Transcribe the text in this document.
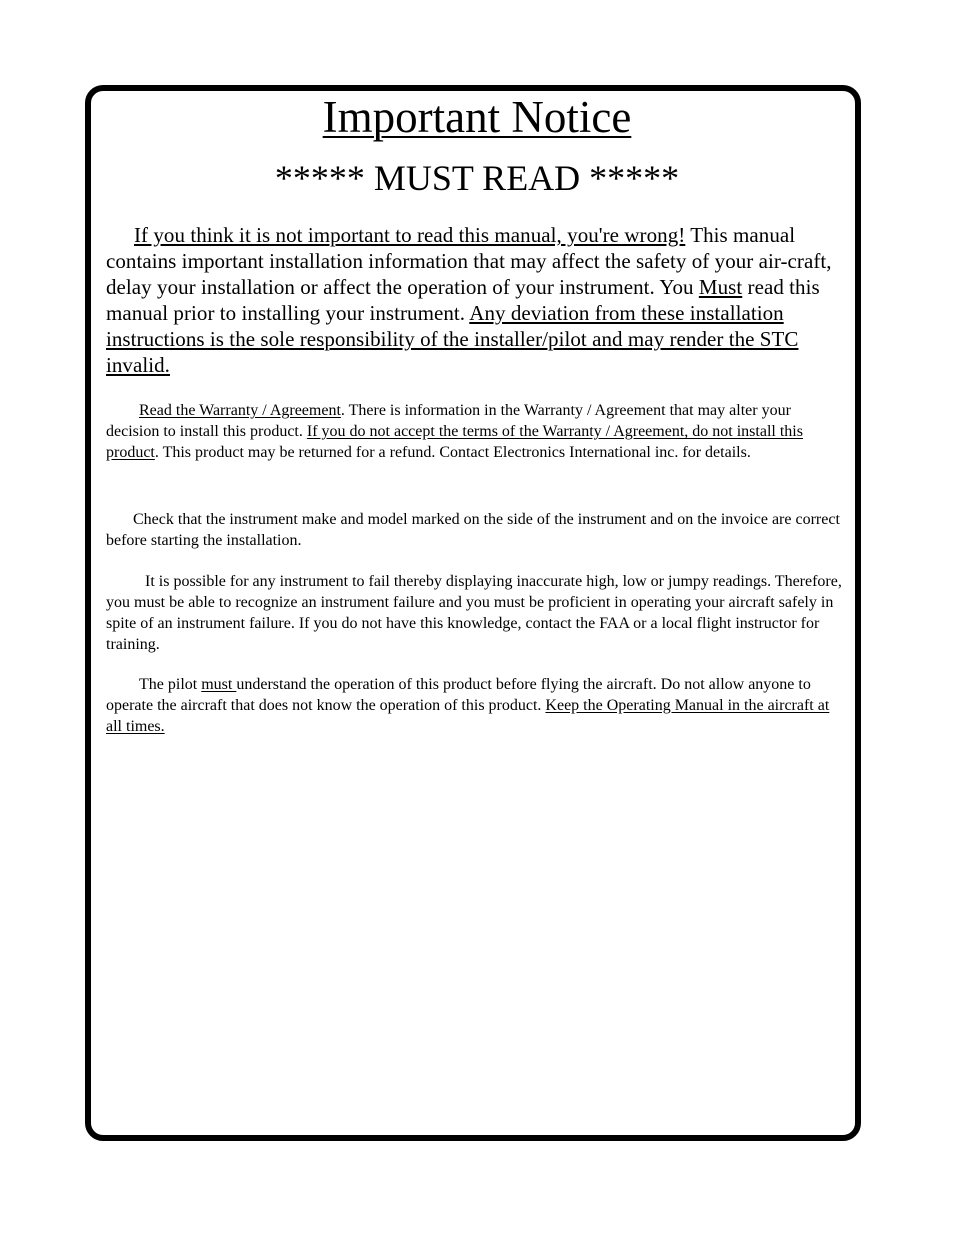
Important Notice
***** MUST READ *****

If you think it is not important to read this manual, you're wrong! This manual contains important installation information that may affect the safety of your air-craft, delay your installation or affect the operation of your instrument. You Must read this manual prior to installing your instrument. Any deviation from these installation instructions is the sole responsibility of the installer/pilot and may render the STC invalid.

Read the Warranty / Agreement. There is information in the Warranty / Agreement that may alter your decision to install this product. If you do not accept the terms of the Warranty / Agreement, do not install this product. This product may be returned for a refund. Contact Electronics International inc. for details.

Check that the instrument make and model marked on the side of the instrument and on the invoice are correct before starting the installation.

It is possible for any instrument to fail thereby displaying inaccurate high, low or jumpy readings. Therefore, you must be able to recognize an instrument failure and you must be proficient in operating your aircraft safely in spite of an instrument failure. If you do not have this knowledge, contact the FAA or a local flight instructor for training.

The pilot must understand the operation of this product before flying the aircraft. Do not allow anyone to operate the aircraft that does not know the operation of this product. Keep the Operating Manual in the aircraft at all times.
